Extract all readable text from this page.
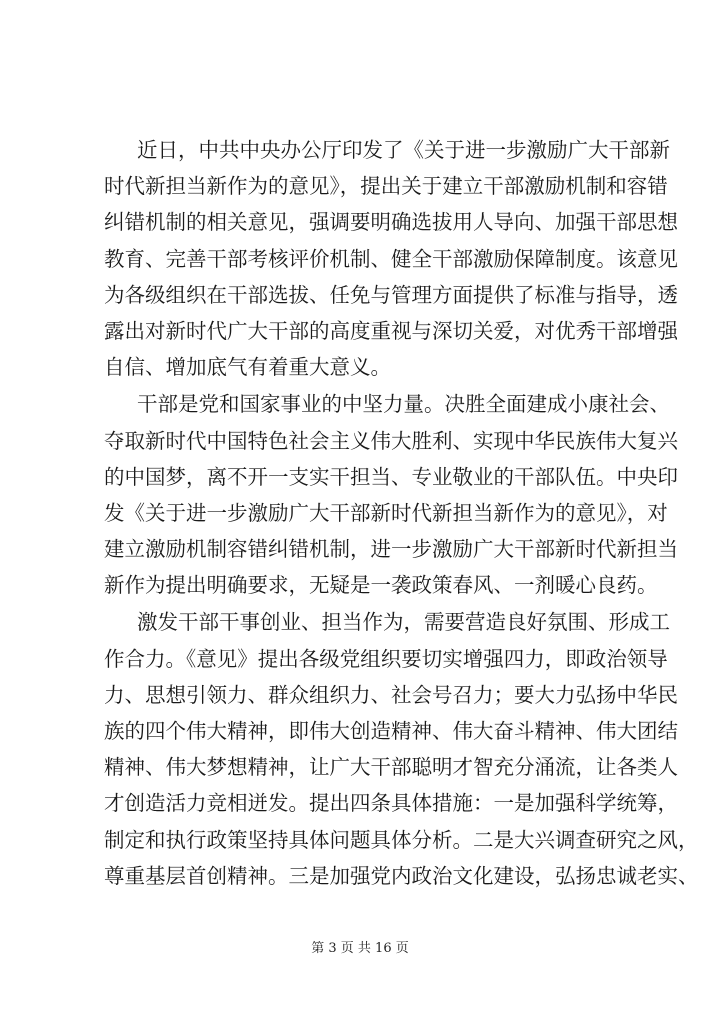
近日，中共中央办公厅印发了《关于进一步激励广大干部新
时代新担当新作为的意见》，提出关于建立干部激励机制和容错
纠错机制的相关意见，强调要明确选拔用人导向、加强干部思想
教育、完善干部考核评价机制、健全干部激励保障制度。该意见
为各级组织在干部选拔、任免与管理方面提供了标准与指导，透
露出对新时代广大干部的高度重视与深切关爱，对优秀干部增强
自信、增加底气有着重大意义。
干部是党和国家事业的中坚力量。决胜全面建成小康社会、
夺取新时代中国特色社会主义伟大胜利、实现中华民族伟大复兴
的中国梦，离不开一支实干担当、专业敬业的干部队伍。中央印
发《关于进一步激励广大干部新时代新担当新作为的意见》，对
建立激励机制容错纠错机制，进一步激励广大干部新时代新担当
新作为提出明确要求，无疑是一袭政策春风、一剂暖心良药。
激发干部干事创业、担当作为，需要营造良好氛围、形成工
作合力。《意见》提出各级党组织要切实增强四力，即政治领导
力、思想引领力、群众组织力、社会号召力；要大力弘扬中华民
族的四个伟大精神，即伟大创造精神、伟大奋斗精神、伟大团结
精神、伟大梦想精神，让广大干部聪明才智充分涌流，让各类人
才创造活力竞相迸发。提出四条具体措施：一是加强科学统筹，
制定和执行政策坚持具体问题具体分析。二是大兴调查研究之风，
尊重基层首创精神。三是加强党内政治文化建设，弘扬忠诚老实、
第 3 页 共 16 页
